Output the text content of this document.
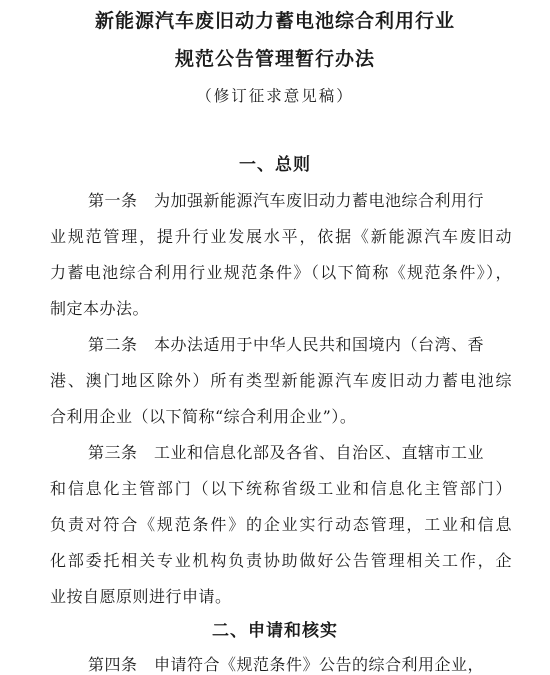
新能源汽车废旧动力蓄电池综合利用行业
规范公告管理暂行办法
（修订征求意见稿）
一、总则
第一条　为加强新能源汽车废旧动力蓄电池综合利用行
业规范管理，提升行业发展水平，依据《新能源汽车废旧动
力蓄电池综合利用行业规范条件》（以下简称《规范条件》），
制定本办法。
第二条　本办法适用于中华人民共和国境内（台湾、香
港、澳门地区除外）所有类型新能源汽车废旧动力蓄电池综
合利用企业（以下简称“综合利用企业”）。
第三条　工业和信息化部及各省、自治区、直辖市工业
和信息化主管部门（以下统称省级工业和信息化主管部门）
负责对符合《规范条件》的企业实行动态管理，工业和信息
化部委托相关专业机构负责协助做好公告管理相关工作，企
业按自愿原则进行申请。
二、申请和核实
第四条　申请符合《规范条件》公告的综合利用企业，
